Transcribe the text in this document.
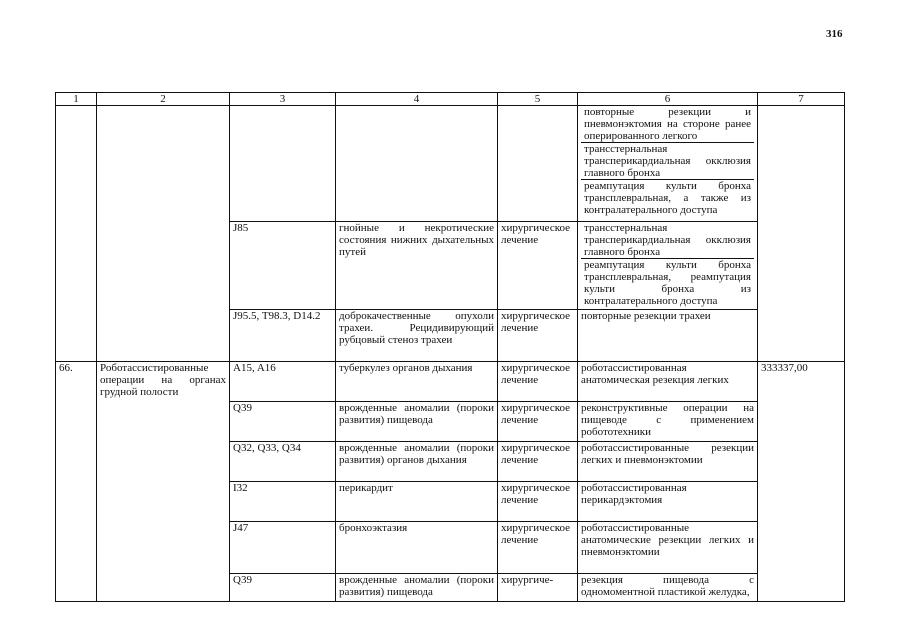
316
1	2	3	4	5	6	7

					повторные резекции и пневмонэктомия на стороне ранее оперированного легкого
трансстернальная трансперикардиальная окклюзия главного бронха
реампутация культи бронха трансплевральная, а также из контралатерального доступа	

		J85	гнойные и некротические состояния нижних дыхательных путей	хирургическое лечение	трансстернальная трансперикардиальная окклюзия главного бронха
реампутация культи бронха трансплевральная, реампутация культи бронха из контралатерального доступа	

		J95.5, T98.3, D14.2	доброкачественные опухоли трахеи. Рецидивирующий рубцовый стеноз трахеи	хирургическое лечение	повторные резекции трахеи	
66.	Роботассистированные операции на органах грудной полости	A15, A16	туберкулез органов дыхания	хирургическое лечение	роботассистированная анатомическая резекция легких	333337,00
		Q39	врожденные аномалии (пороки развития) пищевода	хирургическое лечение	реконструктивные операции на пищеводе с применением робототехники	
		Q32, Q33, Q34	врожденные аномалии (пороки развития) органов дыхания	хирургическое лечение	роботассистированные резекции легких и пневмонэктомии	
		I32	перикардит	хирургическое лечение	роботассистированная перикардэктомия	
		J47	бронхоэктазия	хирургическое лечение	роботассистированные анатомические резекции легких и пневмонэктомии	
		Q39	врожденные аномалии (пороки развития) пищевода	хирургиче-	резекция пищевода с одномоментной пластикой желудка,	
